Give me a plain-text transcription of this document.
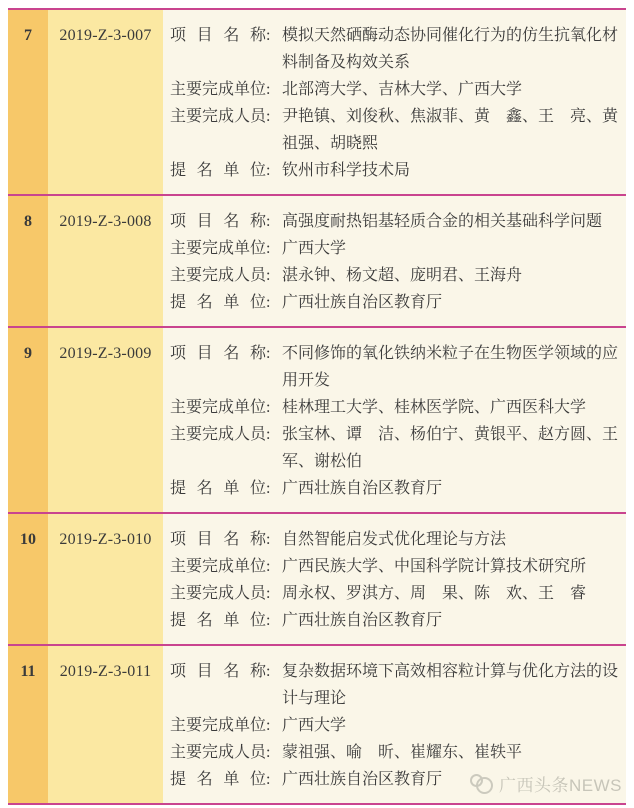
7	2019-Z-3-007	项目名称 : 模拟天然硒酶动态协同催化行为的仿生抗氧化材料制备及构效关系
主要完成单位 : 北部湾大学、吉林大学、广西大学
主要完成人员 : 尹艳镇、刘俊秋、焦淑菲、黄　鑫、王　亮、黄祖强、胡晓熙
提名单位 : 钦州市科学技术局
8	2019-Z-3-008	项目名称 : 高强度耐热铝基轻质合金的相关基础科学问题
主要完成单位 : 广西大学
主要完成人员 : 湛永钟、杨文超、庞明君、王海舟
提名单位 : 广西壮族自治区教育厅
9	2019-Z-3-009	项目名称 : 不同修饰的氧化铁纳米粒子在生物医学领域的应用开发
主要完成单位 : 桂林理工大学、桂林医学院、广西医科大学
主要完成人员 : 张宝林、谭　洁、杨伯宁、黄银平、赵方圆、王　军、谢松伯
提名单位 : 广西壮族自治区教育厅
10	2019-Z-3-010	项目名称 : 自然智能启发式优化理论与方法
主要完成单位 : 广西民族大学、中国科学院计算技术研究所
主要完成人员 : 周永权、罗淇方、周　果、陈　欢、王　睿
提名单位 : 广西壮族自治区教育厅
11	2019-Z-3-011	项目名称 : 复杂数据环境下高效相容粒计算与优化方法的设计与理论
主要完成单位 : 广西大学
主要完成人员 : 蒙祖强、喻　昕、崔耀东、崔轶平
提名单位 : 广西壮族自治区教育厅	广西头条NEWS
